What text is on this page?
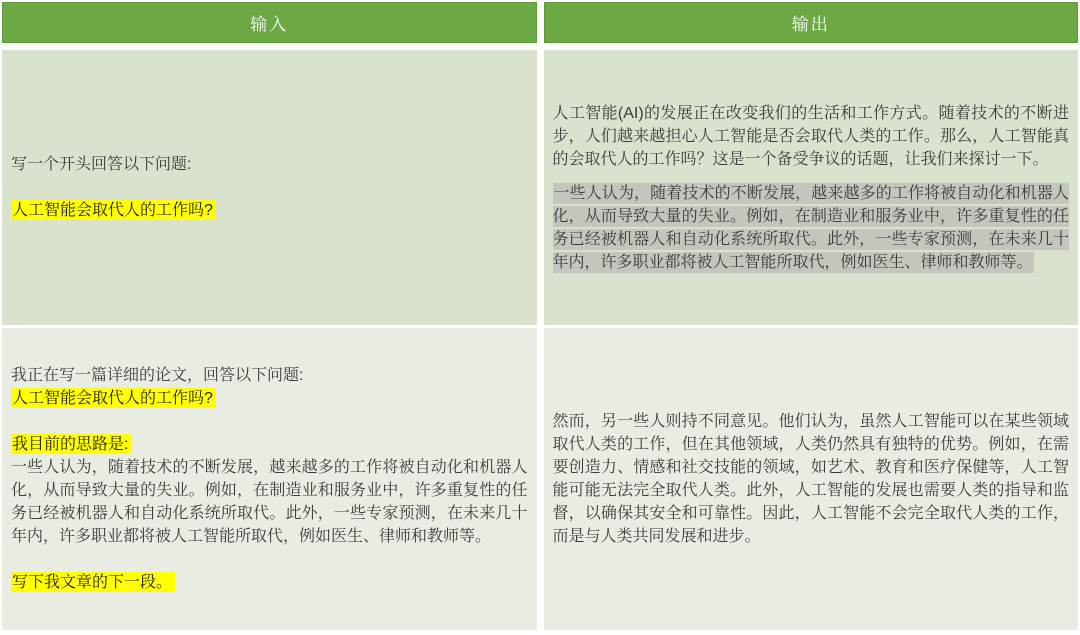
输入	输出

写一个开头回答以下问题:

人工智能会取代人的工作吗?

人工智能(AI)的发展正在改变我们的生活和工作方式。随着技术的不断进步，人们越来越担心人工智能是否会取代人类的工作。那么，人工智能真的会取代人的工作吗？这是一个备受争议的话题，让我们来探讨一下。

一些人认为，随着技术的不断发展，越来越多的工作将被自动化和机器人化，从而导致大量的失业。例如，在制造业和服务业中，许多重复性的任务已经被机器人和自动化系统所取代。此外，一些专家预测，在未来几十年内，许多职业都将被人工智能所取代，例如医生、律师和教师等。

我正在写一篇详细的论文，回答以下问题:

人工智能会取代人的工作吗?

我目前的思路是:

一些人认为，随着技术的不断发展，越来越多的工作将被自动化和机器人化，从而导致大量的失业。例如，在制造业和服务业中，许多重复性的任务已经被机器人和自动化系统所取代。此外，一些专家预测，在未来几十年内，许多职业都将被人工智能所取代，例如医生、律师和教师等。

写下我文章的下一段。

然而，另一些人则持不同意见。他们认为，虽然人工智能可以在某些领域取代人类的工作，但在其他领域，人类仍然具有独特的优势。例如，在需要创造力、情感和社交技能的领域，如艺术、教育和医疗保健等，人工智能可能无法完全取代人类。此外，人工智能的发展也需要人类的指导和监督，以确保其安全和可靠性。因此，人工智能不会完全取代人类的工作，而是与人类共同发展和进步。
